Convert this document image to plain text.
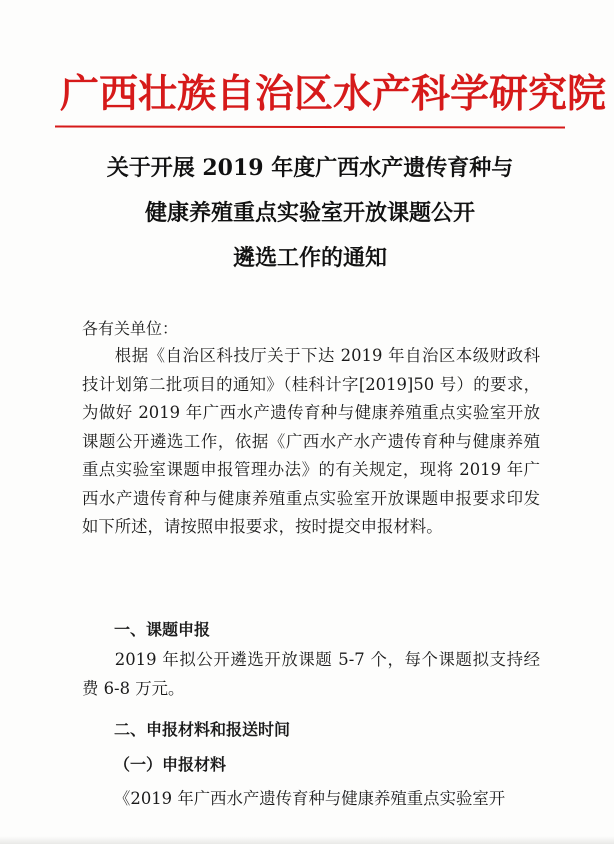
广西壮族自治区水产科学研究院
关于开展 2019 年度广西水产遗传育种与
健康养殖重点实验室开放课题公开
遴选工作的通知
各有关单位：
根据《自治区科技厅关于下达 2019 年自治区本级财政科技计划第二批项目的通知》（桂科计字[2019]50 号）的要求，为做好 2019 年广西水产遗传育种与健康养殖重点实验室开放课题公开遴选工作，依据《广西水产水产遗传育种与健康养殖重点实验室课题申报管理办法》的有关规定，现将 2019 年广西水产遗传育种与健康养殖重点实验室开放课题申报要求印发如下所述，请按照申报要求，按时提交申报材料。
一、课题申报
2019 年拟公开遴选开放课题 5-7 个，每个课题拟支持经费 6-8 万元。
二、申报材料和报送时间
（一）申报材料
《2019 年广西水产遗传育种与健康养殖重点实验室开
